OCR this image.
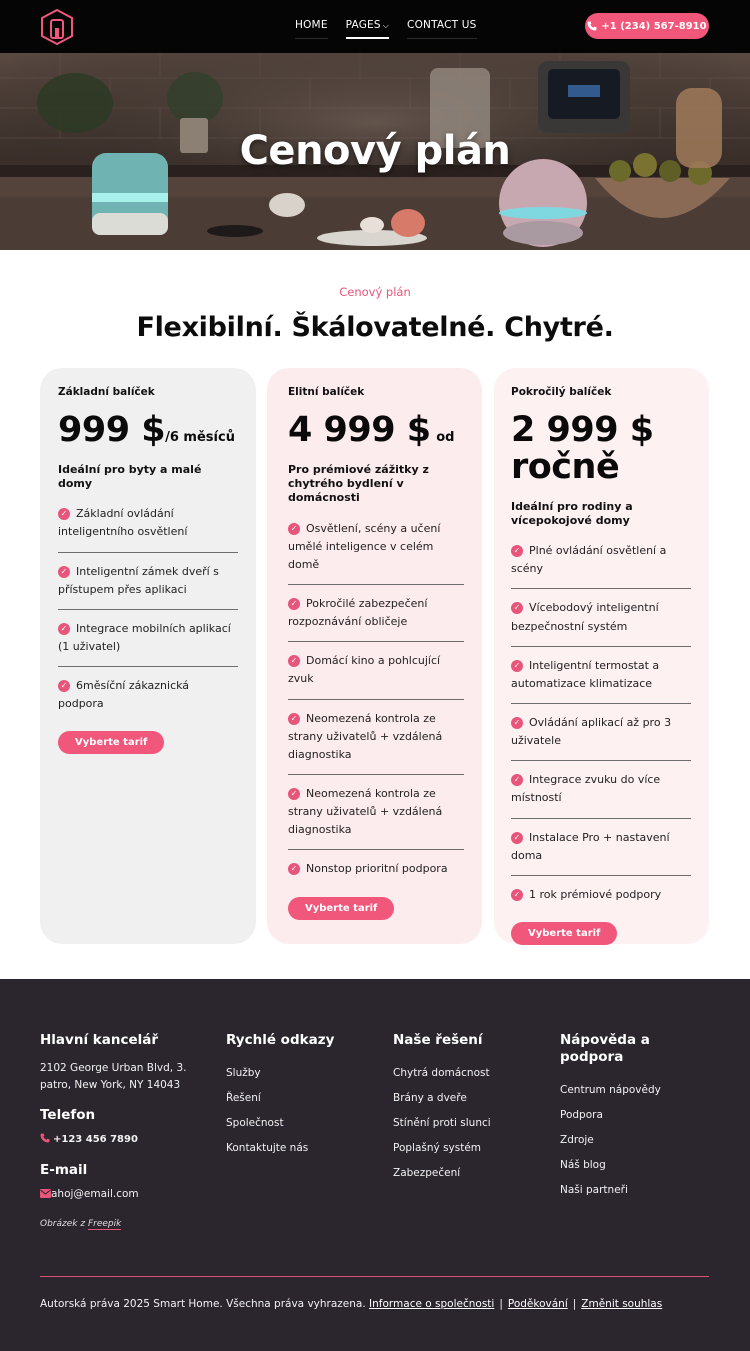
HOME PAGES ⌵ CONTACT US	+1 (234) 567-8910
Cenový plán
Cenový plán
Flexibilní. Škálovatelné. Chytré.
Základní balíček
999 $/6 měsíců
Ideální pro byty a malé domy
✓ Základní ovládání inteligentního osvětlení
✓ Inteligentní zámek dveří s přístupem přes aplikaci
✓ Integrace mobilních aplikací (1 uživatel)
✓ 6měsíční zákaznická podpora
Vyberte tarif
Elitní balíček
4 999 $ od
Pro prémiové zážitky z chytrého bydlení v domácnosti
✓ Osvětlení, scény a učení umělé inteligence v celém domě
✓ Pokročilé zabezpečení rozpoznávání obličeje
✓ Domácí kino a pohlcující zvuk
✓ Neomezená kontrola ze strany uživatelů + vzdálená diagnostika
✓ Neomezená kontrola ze strany uživatelů + vzdálená diagnostika
✓ Nonstop prioritní podpora
Vyberte tarif
Pokročilý balíček
2 999 $
ročně
Ideální pro rodiny a vícepokojové domy
✓ Plné ovládání osvětlení a scény
✓ Vícebodový inteligentní bezpečnostní systém
✓ Inteligentní termostat a automatizace klimatizace
✓ Ovládání aplikací až pro 3 uživatele
✓ Integrace zvuku do více místností
✓ Instalace Pro + nastavení doma
✓ 1 rok prémiové podpory
Vyberte tarif
Hlavní kancelář
2102 George Urban Blvd, 3. patro, New York, NY 14043
Telefon
+123 456 7890
E-mail
ahoj@email.com
Obrázek z Freepik
Rychlé odkazy
Služby
Řešení
Společnost
Kontaktujte nás
Naše řešení
Chytrá domácnost
Brány a dveře
Stínění proti slunci
Poplašný systém
Zabezpečení
Nápověda a podpora
Centrum nápovědy
Podpora
Zdroje
Náš blog
Naši partneři
Autorská práva 2025 Smart Home. Všechna práva vyhrazena. Informace o společnosti | Poděkování | Změnit souhlas
